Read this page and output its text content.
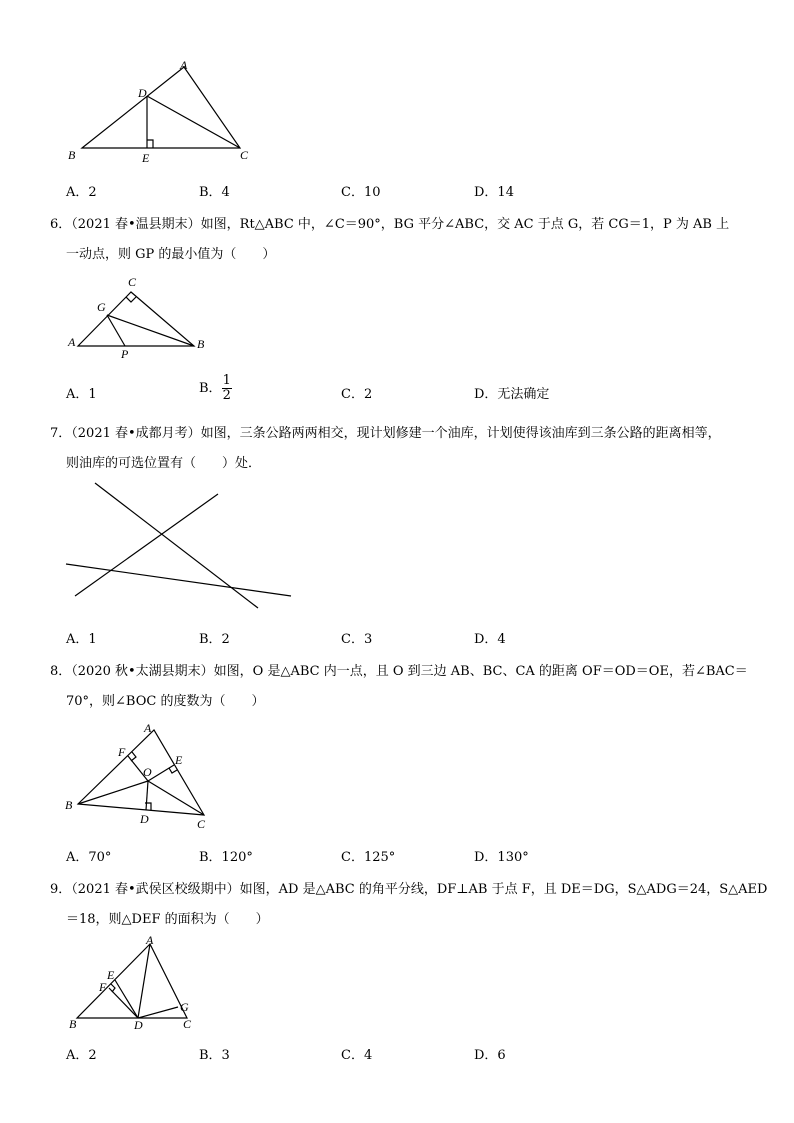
A
D
B	E	C
A．2	B．4	C．10	D．14
6．（2021 春•温县期末）如图，Rt△ABC 中，∠C＝90°，BG 平分∠ABC，交 AC 于点 G，若 CG＝1，P 为 AB 上
一动点，则 GP 的最小值为（　　）
C
G
A
P
B
A．1	B． $\frac{1}{2}$	C．2	D．无法确定
7．（2021 春•成都月考）如图，三条公路两两相交，现计划修建一个油库，计划使得该油库到三条公路的距离相等，
则油库的可选位置有（　　）处．
A．1	B．2	C．3	D．4
8．（2020 秋•太湖县期末）如图，O 是△ABC 内一点，且 O 到三边 AB、BC、CA 的距离 OF＝OD＝OE，若∠BAC＝
70°，则∠BOC 的度数为（　　）
A
F
E
O
B
D	C
A．70°	B．120°	C．125°	D．130°
9．（2021 春•武侯区校级期中）如图，AD 是△ABC 的角平分线，DF⊥AB 于点 F，且 DE＝DG，S△ADG＝24，S△AED
＝18，则△DEF 的面积为（　　）
A
E
F
G
B	D	C
A．2	B．3	C．4	D．6
